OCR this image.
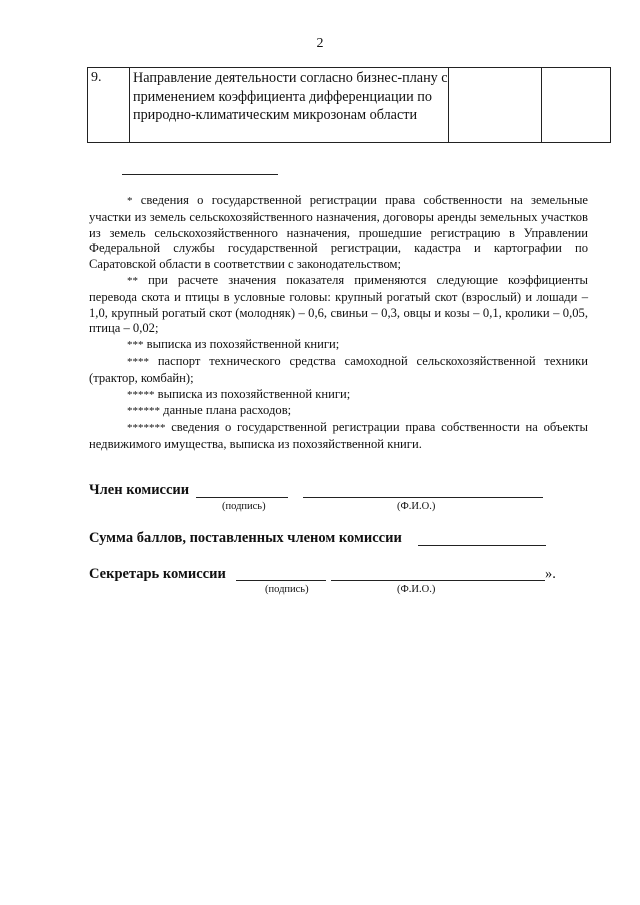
2
9.	Направление деятельности согласно бизнес-плану с применением коэффициента дифференциации по природно-климатическим микрозонам области		

* сведения о государственной регистрации права собственности на земельные участки из земель сельскохозяйственного назначения, договоры аренды земельных участков из земель сельскохозяйственного назначения, прошедшие регистрацию в Управлении Федеральной службы государственной регистрации, кадастра и картографии по Саратовской области в соответствии с законодательством;

** при расчете значения показателя применяются следующие коэффициенты перевода скота и птицы в условные головы: крупный рогатый скот (взрослый) и лошади – 1,0, крупный рогатый скот (молодняк) – 0,6, свиньи – 0,3, овцы и козы – 0,1, кролики – 0,05, птица – 0,02;

*** выписка из похозяйственной книги;

**** паспорт технического средства самоходной сельскохозяйственной техники (трактор, комбайн);

***** выписка из похозяйственной книги;

****** данные плана расходов;

******* сведения о государственной регистрации права собственности на объекты недвижимого имущества, выписка из похозяйственной книги.

Член комиссии
(подпись)	(Ф.И.О.)
Сумма баллов, поставленных членом комиссии
Секретарь комиссии	».
(подпись)	(Ф.И.О.)
